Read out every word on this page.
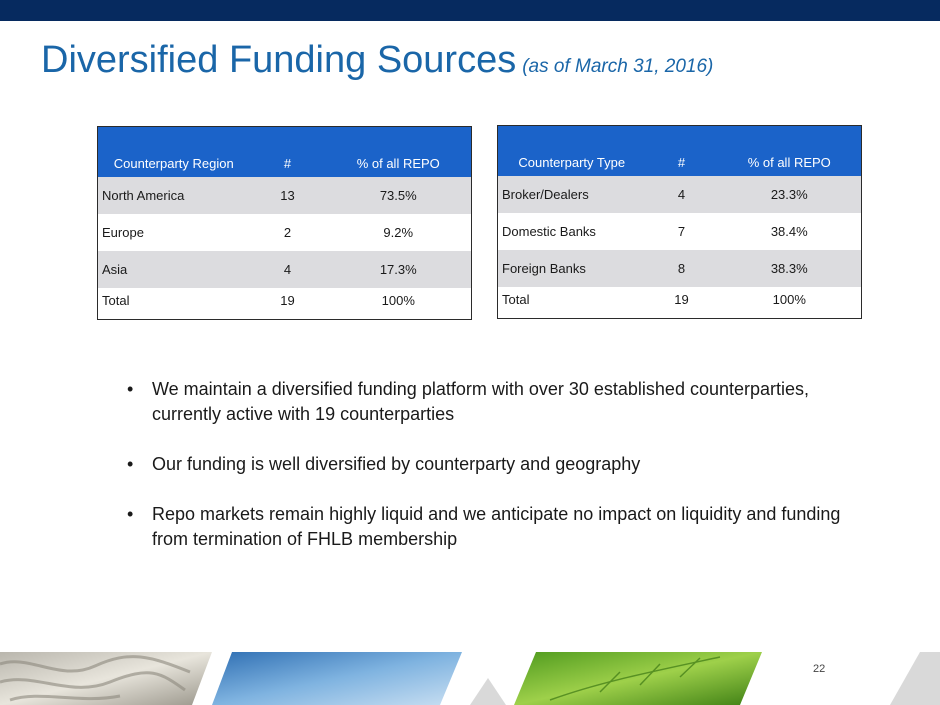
Diversified Funding Sources (as of March 31, 2016)
Counterparty Region	#	% of all REPO
North America	13	73.5%
Europe	2	9.2%
Asia	4	17.3%
Total	19	100%
Counterparty Type	#	% of all REPO
Broker/Dealers	4	23.3%
Domestic Banks	7	38.4%
Foreign Banks	8	38.3%
Total	19	100%
• We maintain a diversified funding platform with over 30 established counterparties, currently active with 19 counterparties
• Our funding is well diversified by counterparty and geography
• Repo markets remain highly liquid and we anticipate no impact on liquidity and funding from termination of FHLB membership
22
